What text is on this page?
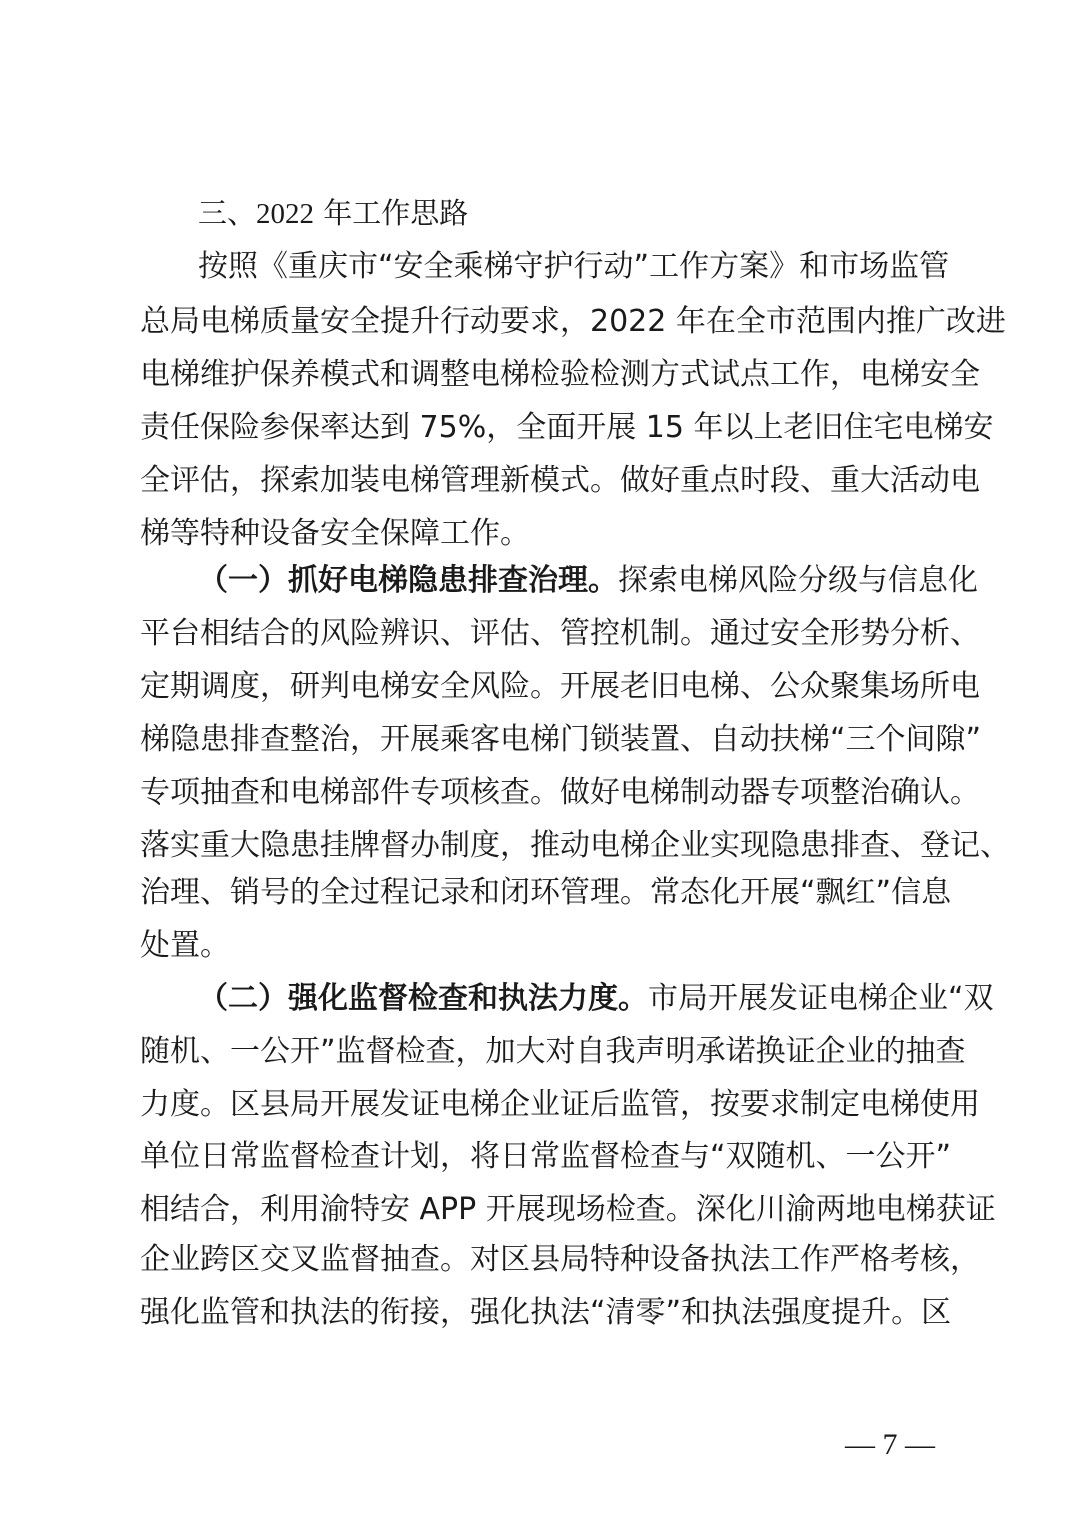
三、2022 年工作思路
按照《重庆市“安全乘梯守护行动”工作方案》和市场监管
总局电梯质量安全提升行动要求，2022 年在全市范围内推广改进
电梯维护保养模式和调整电梯检验检测方式试点工作，电梯安全
责任保险参保率达到 75%，全面开展 15 年以上老旧住宅电梯安
全评估，探索加装电梯管理新模式。做好重点时段、重大活动电
梯等特种设备安全保障工作。
（一）抓好电梯隐患排查治理。探索电梯风险分级与信息化
平台相结合的风险辨识、评估、管控机制。通过安全形势分析、
定期调度，研判电梯安全风险。开展老旧电梯、公众聚集场所电
梯隐患排查整治，开展乘客电梯门锁装置、自动扶梯“三个间隙”
专项抽查和电梯部件专项核查。做好电梯制动器专项整治确认。
落实重大隐患挂牌督办制度，推动电梯企业实现隐患排查、登记、
治理、销号的全过程记录和闭环管理。常态化开展“飘红”信息
处置。
（二）强化监督检查和执法力度。市局开展发证电梯企业“双
随机、一公开”监督检查，加大对自我声明承诺换证企业的抽查
力度。区县局开展发证电梯企业证后监管，按要求制定电梯使用
单位日常监督检查计划，将日常监督检查与“双随机、一公开”
相结合，利用渝特安 APP 开展现场检查。深化川渝两地电梯获证
企业跨区交叉监督抽查。对区县局特种设备执法工作严格考核，
强化监管和执法的衔接，强化执法“清零”和执法强度提升。区
— 7 —
